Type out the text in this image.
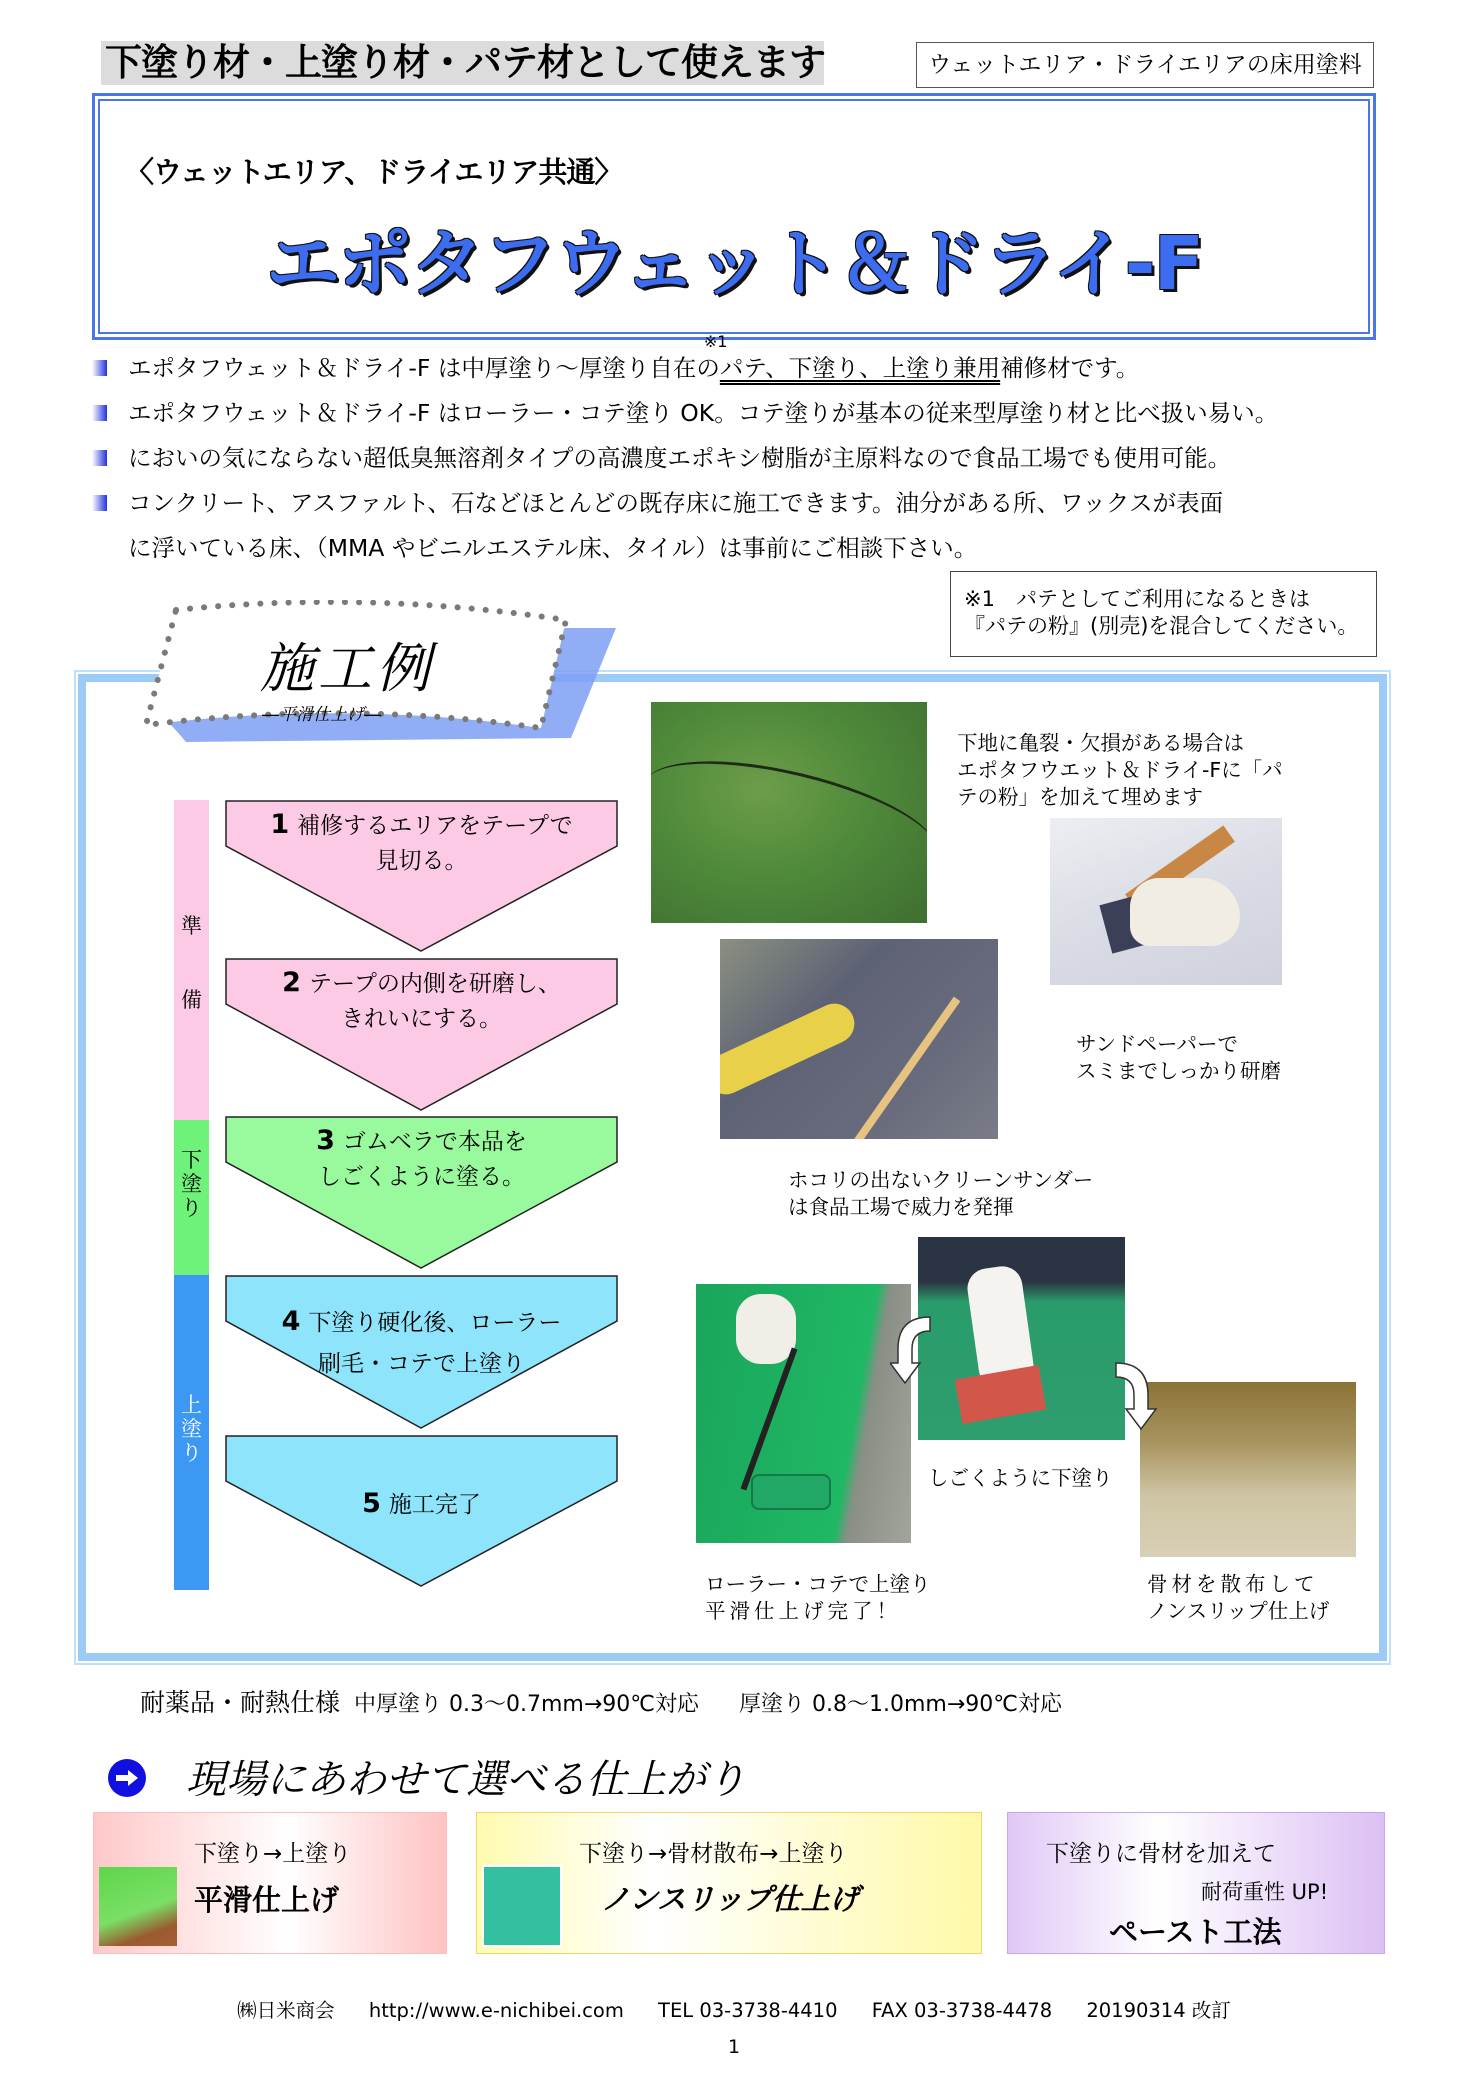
下塗り材・上塗り材・パテ材として使えます	ウェットエリア・ドライエリアの床用塗料
〈ウェットエリア、ドライエリア共通〉
エポタフウェット＆ドライ-F
エポタフウェット＆ドライ-F は中厚塗り～厚塗り自在の
※1
パテ、下塗り、上塗り兼用補修材です。
エポタフウェット＆ドライ-F はローラー・コテ塗り OK。コテ塗りが基本の従来型厚塗り材と比べ扱い易い。
においの気にならない超低臭無溶剤タイプの高濃度エポキシ樹脂が主原料なので食品工場でも使用可能。
コンクリート、アスファルト、石などほとんどの既存床に施工できます。油分がある所、ワックスが表面
に浮いている床、（MMA やビニルエステル床、タイル）は事前にご相談下さい。
※1　パテとしてご利用になるときは
『パテの粉』(別売)を混合してください。
施工例
―平滑仕上げ―
準
備
下
塗
り
上
塗
り
1 補修するエリアをテープで
見切る。
2 テープの内側を研磨し、
きれいにする。
3 ゴムベラで本品を
しごくように塗る。
4 下塗り硬化後、ローラー
刷毛・コテで上塗り
5 施工完了
下地に亀裂・欠損がある場合は
エポタフウエット＆ドライ-Fに「パ
テの粉」を加えて埋めます
サンドペーパーで
スミまでしっかり研磨
ホコリの出ないクリーンサンダー
は食品工場で威力を発揮
しごくように下塗り
ローラー・コテで上塗り
平滑仕上げ完了！
骨材を散布して
ノンスリップ仕上げ
耐薬品・耐熱仕様 中厚塗り 0.3～0.7mm→90℃対応 厚塗り 0.8～1.0mm→90℃対応
現場にあわせて選べる仕上がり
下塗り→上塗り
平滑仕上げ
下塗り→骨材散布→上塗り
ノンスリップ仕上げ
下塗りに骨材を加えて
耐荷重性 UP!
ペースト工法
㈱日米商会 http://www.e-nichibei.com TEL 03-3738-4410 FAX 03-3738-4478 20190314 改訂
1
